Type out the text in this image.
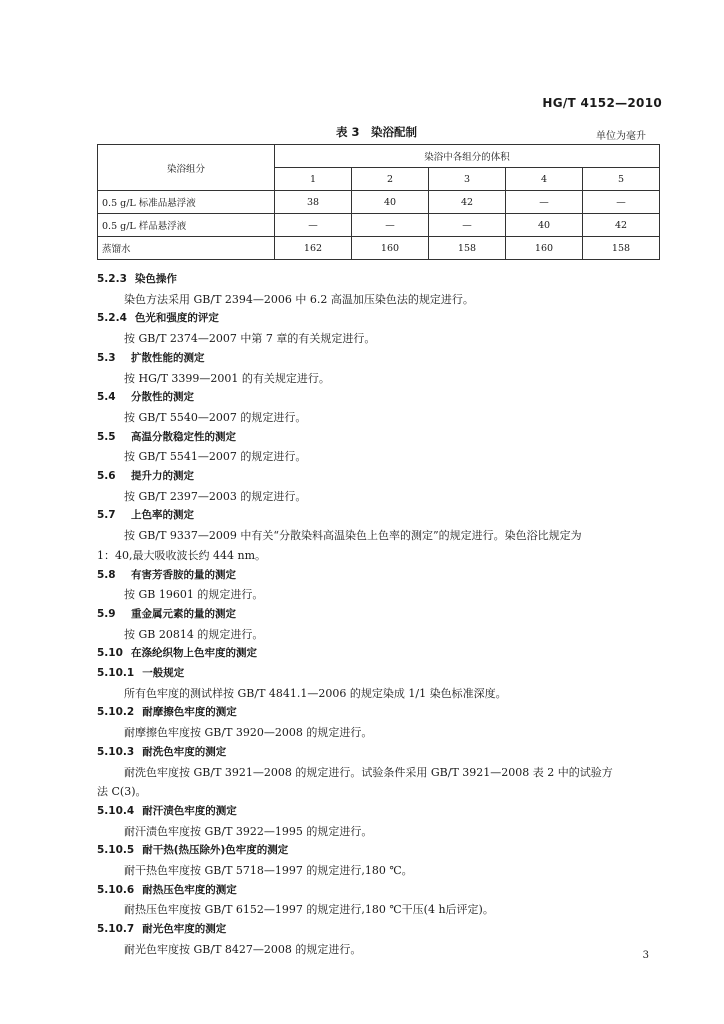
HG/T 4152—2010
表 3　染浴配制	单位为毫升
染浴组分	染浴中各组分的体积				
	1	2	3	4	5
0.5 g/L 标准品悬浮液	38	40	42	—	—
0.5 g/L 样品悬浮液	—	—	—	40	42
蒸馏水	162	160	158	160	158
5.2.3 染色操作
染色方法采用 GB/T 2394—2006 中 6.2 高温加压染色法的规定进行。
5.2.4 色光和强度的评定
按 GB/T 2374—2007 中第 7 章的有关规定进行。
5.3 扩散性能的测定
按 HG/T 3399—2001 的有关规定进行。
5.4 分散性的测定
按 GB/T 5540—2007 的规定进行。
5.5 高温分散稳定性的测定
按 GB/T 5541—2007 的规定进行。
5.6 提升力的测定
按 GB/T 2397—2003 的规定进行。
5.7 上色率的测定
按 GB/T 9337—2009 中有关“分散染料高温染色上色率的测定”的规定进行。染色浴比规定为
1：40,最大吸收波长约 444 nm。
5.8 有害芳香胺的量的测定
按 GB 19601 的规定进行。
5.9 重金属元素的量的测定
按 GB 20814 的规定进行。
5.10 在涤纶织物上色牢度的测定
5.10.1 一般规定
所有色牢度的测试样按 GB/T 4841.1—2006 的规定染成 1/1 染色标准深度。
5.10.2 耐摩擦色牢度的测定
耐摩擦色牢度按 GB/T 3920—2008 的规定进行。
5.10.3 耐洗色牢度的测定
耐洗色牢度按 GB/T 3921—2008 的规定进行。试验条件采用 GB/T 3921—2008 表 2 中的试验方
法 C(3)。
5.10.4 耐汗渍色牢度的测定
耐汗渍色牢度按 GB/T 3922—1995 的规定进行。
5.10.5 耐干热(热压除外)色牢度的测定
耐干热色牢度按 GB/T 5718—1997 的规定进行,180 ℃。
5.10.6 耐热压色牢度的测定
耐热压色牢度按 GB/T 6152—1997 的规定进行,180 ℃干压(4 h后评定)。
5.10.7 耐光色牢度的测定
耐光色牢度按 GB/T 8427—2008 的规定进行。	3
